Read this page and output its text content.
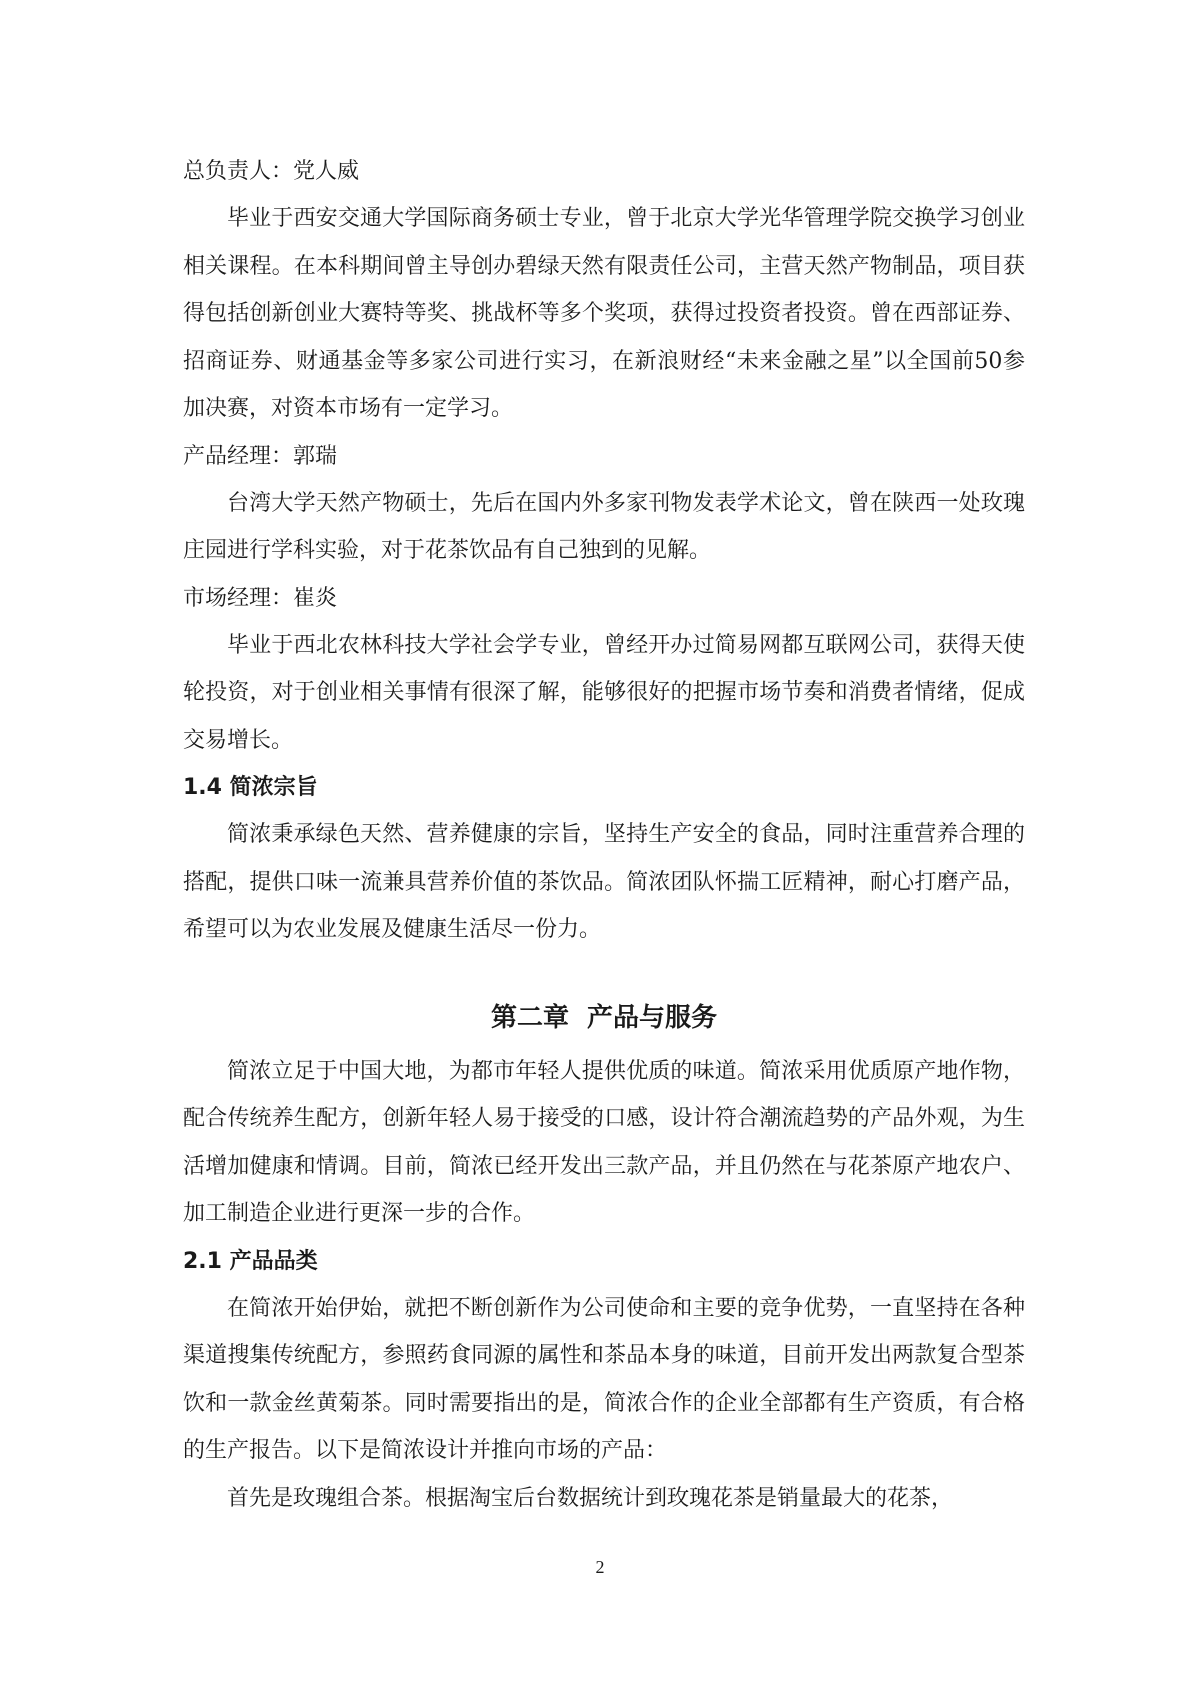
总负责人：党人威

毕业于西安交通大学国际商务硕士专业，曾于北京大学光华管理学院交换学习创业相关课程。在本科期间曾主导创办碧绿天然有限责任公司，主营天然产物制品，项目获得包括创新创业大赛特等奖、挑战杯等多个奖项，获得过投资者投资。曾在西部证券、招商证券、财通基金等多家公司进行实习，在新浪财经“未来金融之星”以全国前50参加决赛，对资本市场有一定学习。

产品经理：郭瑞

台湾大学天然产物硕士，先后在国内外多家刊物发表学术论文，曾在陕西一处玫瑰庄园进行学科实验，对于花茶饮品有自己独到的见解。

市场经理：崔炎

毕业于西北农林科技大学社会学专业，曾经开办过简易网都互联网公司，获得天使轮投资，对于创业相关事情有很深了解，能够很好的把握市场节奏和消费者情绪，促成交易增长。

1.4 简浓宗旨

简浓秉承绿色天然、营养健康的宗旨，坚持生产安全的食品，同时注重营养合理的搭配，提供口味一流兼具营养价值的茶饮品。简浓团队怀揣工匠精神，耐心打磨产品，希望可以为农业发展及健康生活尽一份力。

第二章  产品与服务

简浓立足于中国大地，为都市年轻人提供优质的味道。简浓采用优质原产地作物，配合传统养生配方，创新年轻人易于接受的口感，设计符合潮流趋势的产品外观，为生活增加健康和情调。目前，简浓已经开发出三款产品，并且仍然在与花茶原产地农户、加工制造企业进行更深一步的合作。

2.1 产品品类

在简浓开始伊始，就把不断创新作为公司使命和主要的竞争优势，一直坚持在各种渠道搜集传统配方，参照药食同源的属性和茶品本身的味道，目前开发出两款复合型茶饮和一款金丝黄菊茶。同时需要指出的是，简浓合作的企业全部都有生产资质，有合格的生产报告。以下是简浓设计并推向市场的产品：

首先是玫瑰组合茶。根据淘宝后台数据统计到玫瑰花茶是销量最大的花茶，

2
